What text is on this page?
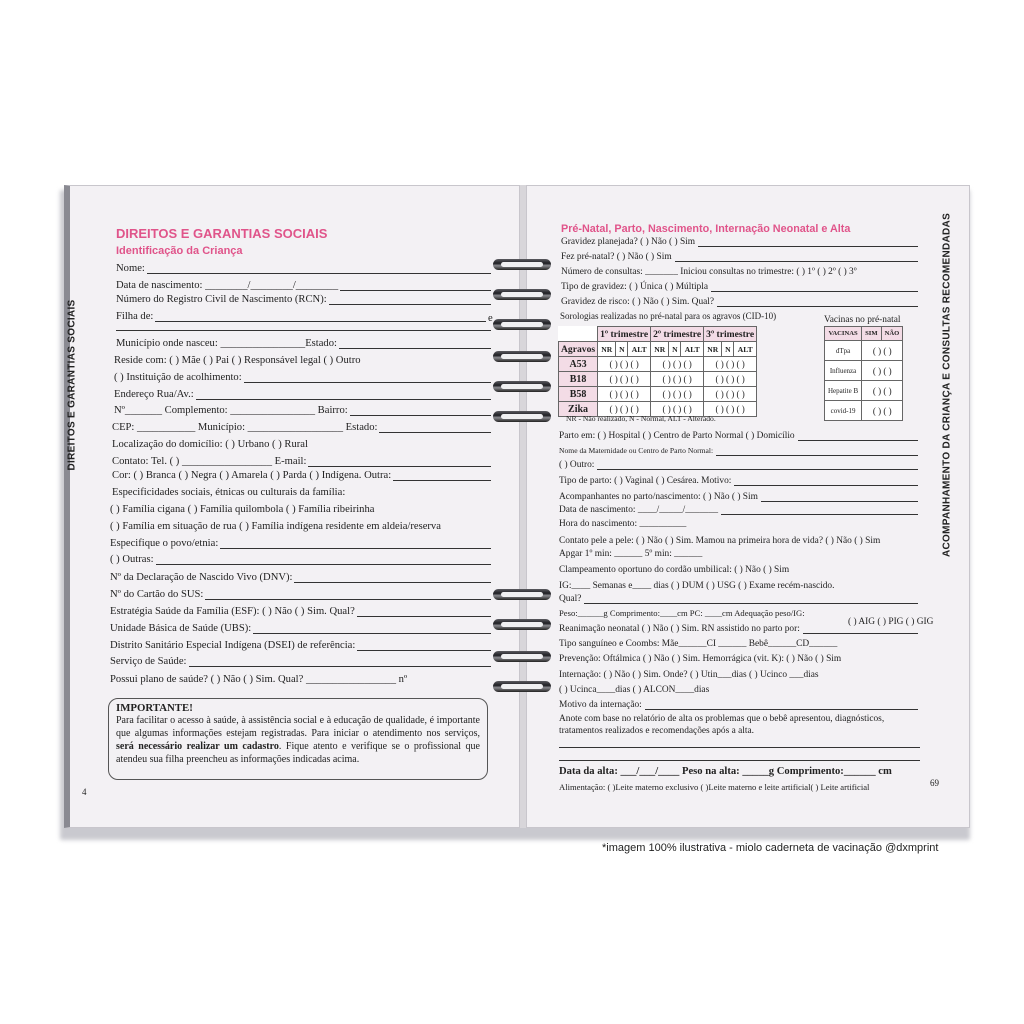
DIREITOS E GARANTIAS SOCIAIS
DIREITOS E GARANTIAS SOCIAIS
Identificação da Criança
Nome:
Data de nascimento: ________/________/________
Número do Registro Civil de Nascimento (RCN):
Filha de:	e
Município onde nasceu: ________________Estado:
Reside com: ( ) Mãe ( ) Pai ( ) Responsável legal ( ) Outro
( ) Instituição de acolhimento:
Endereço Rua/Av.:
Nº_______ Complemento: ________________ Bairro:
CEP: ___________ Município: __________________ Estado:
Localização do domicílio: ( ) Urbano ( ) Rural
Contato: Tel. ( ) _________________ E-mail:
Cor: ( ) Branca ( ) Negra ( ) Amarela ( ) Parda ( ) Indígena. Outra:
Especificidades sociais, étnicas ou culturais da família:
( ) Família cigana ( ) Família quilombola ( ) Família ribeirinha
( ) Família em situação de rua ( ) Família indígena residente em aldeia/reserva
Especifique o povo/etnia:
( ) Outras:
Nº da Declaração de Nascido Vivo (DNV):
Nº do Cartão do SUS:
Estratégia Saúde da Família (ESF): ( ) Não ( ) Sim. Qual?
Unidade Básica de Saúde (UBS):
Distrito Sanitário Especial Indígena (DSEI) de referência:
Serviço de Saúde:
Possui plano de saúde? ( ) Não ( ) Sim. Qual? _________________ nº
IMPORTANTE!
Para facilitar o acesso à saúde, à assistência social e à educação de qualidade, é importante que algumas informações estejam registradas. Para iniciar o atendimento nos serviços, será necessário realizar um cadastro. Fique atento e verifique se o profissional que atendeu sua filha preencheu as informações indicadas acima.
4
ACOMPANHAMENTO DA CRIANÇA E CONSULTAS RECOMENDADAS
Pré-Natal, Parto, Nascimento, Internação Neonatal e Alta
Gravidez planejada? ( ) Não ( ) Sim
Fez pré-natal? ( ) Não ( ) Sim
Número de consultas: _______ Iniciou consultas no trimestre: ( ) 1º ( ) 2º ( ) 3º
Tipo de gravidez: ( ) Única ( ) Múltipla
Gravidez de risco: ( ) Não ( ) Sim. Qual?
Sorologias realizadas no pré-natal para os agravos (CID-10)	Vacinas no pré-natal
	1º trimestre			2º trimestre			3º trimestre		
Agravos	NR	N	ALT	NR	N	ALT	NR	N	ALT
A53	( ) ( ) ( )			( ) ( ) ( )			( ) ( ) ( )		
B18	( ) ( ) ( )			( ) ( ) ( )			( ) ( ) ( )		
B58	( ) ( ) ( )			( ) ( ) ( )			( ) ( ) ( )		
Zika	( ) ( ) ( )			( ) ( ) ( )			( ) ( ) ( )		
VACINAS	SIM	NÃO
dTpa	( ) ( )	
Influenza	( ) ( )	
Hepatite B	( ) ( )	
covid-19	( ) ( )	
NR - Não realizado, N - Normal, ALT - Alterado.
Parto em: ( ) Hospital ( ) Centro de Parto Normal ( ) Domicílio
Nome da Maternidade ou Centro de Parto Normal:
( ) Outro:
Tipo de parto: ( ) Vaginal ( ) Cesárea. Motivo:
Acompanhantes no parto/nascimento: ( ) Não ( ) Sim
Data de nascimento: ____/_____/_______
Hora do nascimento: __________
Contato pele a pele: ( ) Não ( ) Sim. Mamou na primeira hora de vida? ( ) Não ( ) Sim
Apgar 1º min: ______ 5º min: ______
Clampeamento oportuno do cordão umbilical: ( ) Não ( ) Sim
IG:____ Semanas e____ dias ( ) DUM ( ) USG ( ) Exame recém-nascido.
Qual?
Peso:______g Comprimento:____cm PC: ____cm Adequação peso/IG:
( ) AIG ( ) PIG ( ) GIG
Reanimação neonatal ( ) Não ( ) Sim. RN assistido no parto por:
Tipo sanguíneo e Coombs: Mãe______CI ______ Bebê______CD______
Prevenção: Oftálmica ( ) Não ( ) Sim. Hemorrágica (vit. K): ( ) Não ( ) Sim
Internação: ( ) Não ( ) Sim. Onde? ( ) Utin___dias ( ) Ucinco ___dias
( ) Ucinca____dias ( ) ALCON____dias
Motivo da internação:
Anote com base no relatório de alta os problemas que o bebê apresentou, diagnósticos, tratamentos realizados e recomendações após a alta.
Data da alta: ___/___/____ Peso na alta: _____g Comprimento:______ cm
Alimentação: ( )Leite materno exclusivo ( )Leite materno e leite artificial( ) Leite artificial	69
*imagem 100% ilustrativa - miolo caderneta de vacinação @dxmprint
